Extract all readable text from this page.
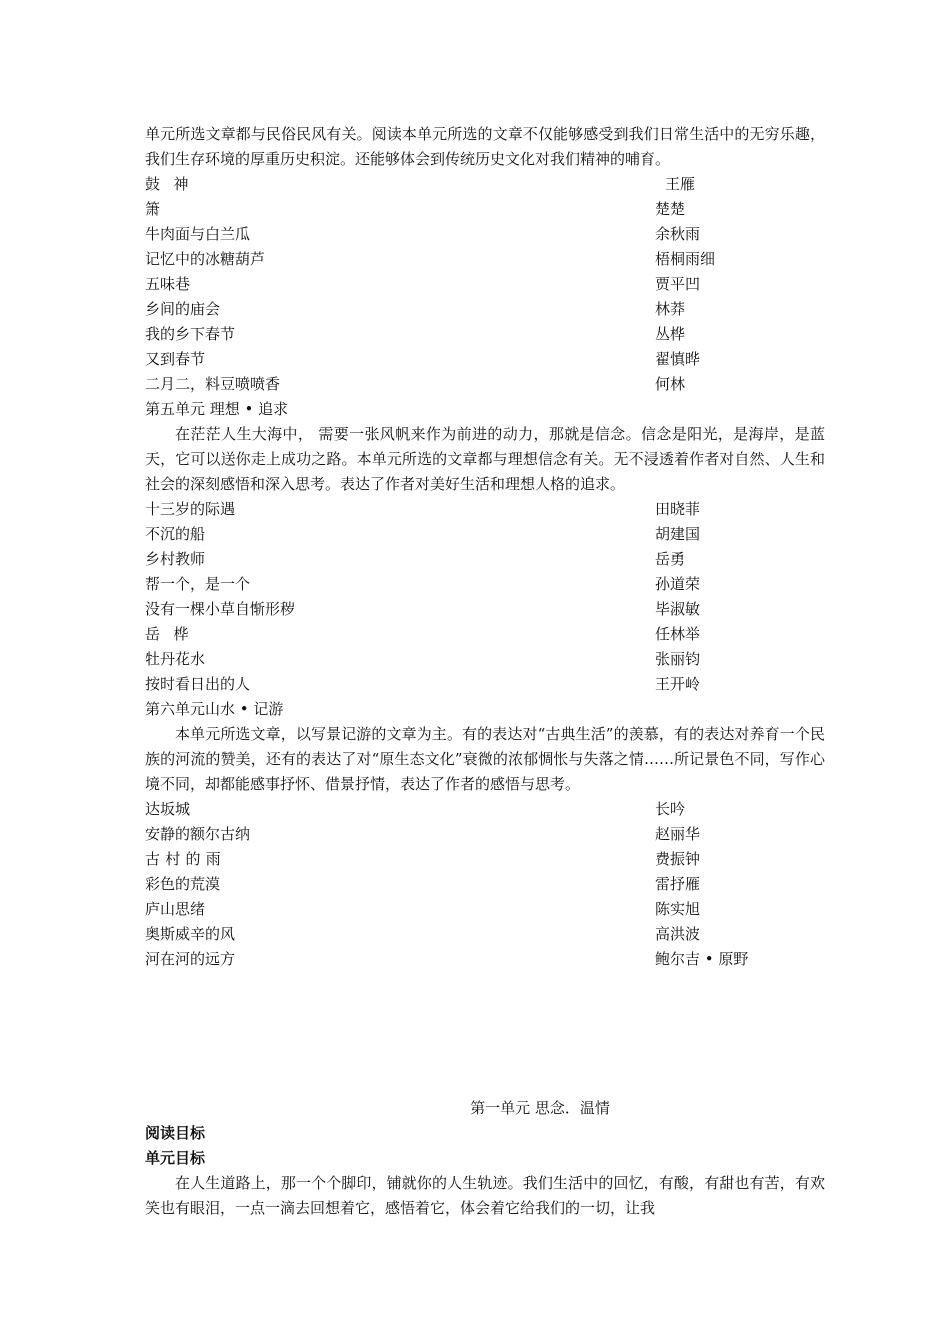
单元所选文章都与民俗民风有关。阅读本单元所选的文章不仅能够感受到我们日常生活中的无穷乐趣，我们生存环境的厚重历史积淀。还能够体会到传统历史文化对我们精神的哺育。

鼓神	王雁
箫	楚楚
牛肉面与白兰瓜	余秋雨
记忆中的冰糖葫芦	梧桐雨细
五味巷	贾平凹
乡间的庙会	林莽
我的乡下春节	丛桦
又到春节	翟慎晔
二月二，料豆喷喷香	何林
第五单元 理想 • 追求

在茫茫人生大海中， 需要一张风帆来作为前进的动力，那就是信念。信念是阳光，是海岸，是蓝天，它可以送你走上成功之路。本单元所选的文章都与理想信念有关。无不浸透着作者对自然、人生和社会的深刻感悟和深入思考。表达了作者对美好生活和理想人格的追求。

十三岁的际遇	田晓菲
不沉的船	胡建国
乡村教师	岳勇
帮一个，是一个	孙道荣
没有一棵小草自惭形秽	毕淑敏
岳桦	任林举
牡丹花水	张丽钧
按时看日出的人	王开岭
第六单元山水 • 记游

本单元所选文章，以写景记游的文章为主。有的表达对“古典生活”的羡慕，有的表达对养育一个民族的河流的赞美，还有的表达了对“原生态文化”衰微的浓郁惆怅与失落之情……所记景色不同，写作心境不同，却都能感事抒怀、借景抒情，表达了作者的感悟与思考。

达坂城	长吟
安静的额尔古纳	赵丽华
古村的雨	费振钟
彩色的荒漠	雷抒雁
庐山思绪	陈实旭
奥斯威辛的风	高洪波
河在河的远方	鲍尔吉 • 原野
第一单元 思念．温情
阅读目标
单元目标

在人生道路上，那一个个脚印，铺就你的人生轨迹。我们生活中的回忆，有酸，有甜也有苦，有欢笑也有眼泪，一点一滴去回想着它，感悟着它，体会着它给我们的一切，让我
